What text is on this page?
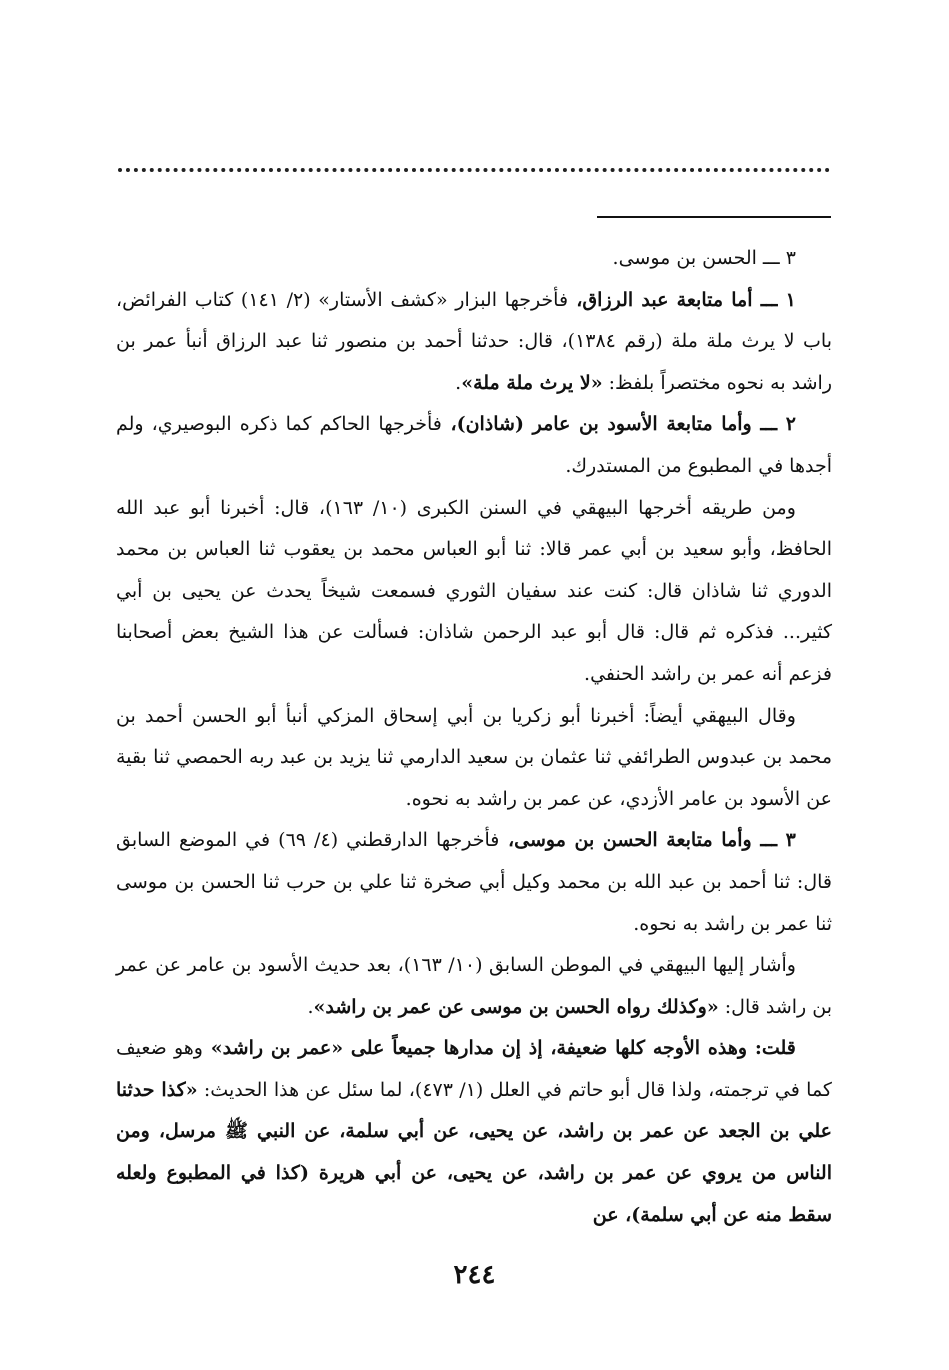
٣ ـــ الحسن بن موسى.

١ ـــ أما متابعة عبد الرزاق، فأخرجها البزار «كشف الأستار» (٢/ ١٤١) كتاب الفرائض، باب لا يرث ملة ملة (رقم ١٣٨٤)، قال: حدثنا أحمد بن منصور ثنا عبد الرزاق أنبأ عمر بن راشد به نحوه مختصراً بلفظ: «لا يرث ملة ملة».

٢ ـــ وأما متابعة الأسود بن عامر (شاذان)، فأخرجها الحاكم كما ذكره البوصيري، ولم أجدها في المطبوع من المستدرك.

ومن طريقه أخرجها البيهقي في السنن الكبرى (١٠/ ١٦٣)، قال: أخبرنا أبو عبد الله الحافظ، وأبو سعيد بن أبي عمر قالا: ثنا أبو العباس محمد بن يعقوب ثنا العباس بن محمد الدوري ثنا شاذان قال: كنت عند سفيان الثوري فسمعت شيخاً يحدث عن يحيى بن أبي كثير... فذكره ثم قال: قال أبو عبد الرحمن شاذان: فسألت عن هذا الشيخ بعض أصحابنا فزعم أنه عمر بن راشد الحنفي.

وقال البيهقي أيضاً: أخبرنا أبو زكريا بن أبي إسحاق المزكي أنبأ أبو الحسن أحمد بن محمد بن عبدوس الطرائفي ثنا عثمان بن سعيد الدارمي ثنا يزيد بن عبد ربه الحمصي ثنا بقية عن الأسود بن عامر الأزدي، عن عمر بن راشد به نحوه.

٣ ـــ وأما متابعة الحسن بن موسى، فأخرجها الدارقطني (٤/ ٦٩) في الموضع السابق قال: ثنا أحمد بن عبد الله بن محمد وكيل أبي صخرة ثنا علي بن حرب ثنا الحسن بن موسى ثنا عمر بن راشد به نحوه.

وأشار إليها البيهقي في الموطن السابق (١٠/ ١٦٣)، بعد حديث الأسود بن عامر عن عمر بن راشد قال: «وكذلك رواه الحسن بن موسى عن عمر بن راشد».

قلت: وهذه الأوجه كلها ضعيفة، إذ إن مدارها جميعاً على «عمر بن راشد» وهو ضعيف كما في ترجمته، ولذا قال أبو حاتم في العلل (١/ ٤٧٣)، لما سئل عن هذا الحديث: «كذا حدثنا علي بن الجعد عن عمر بن راشد، عن يحيى، عن أبي سلمة، عن النبي ﷺ مرسل، ومن الناس من يروي عن عمر بن راشد، عن يحيى، عن أبي هريرة (كذا في المطبوع ولعله سقط منه عن أبي سلمة)، عن

٢٤٤
